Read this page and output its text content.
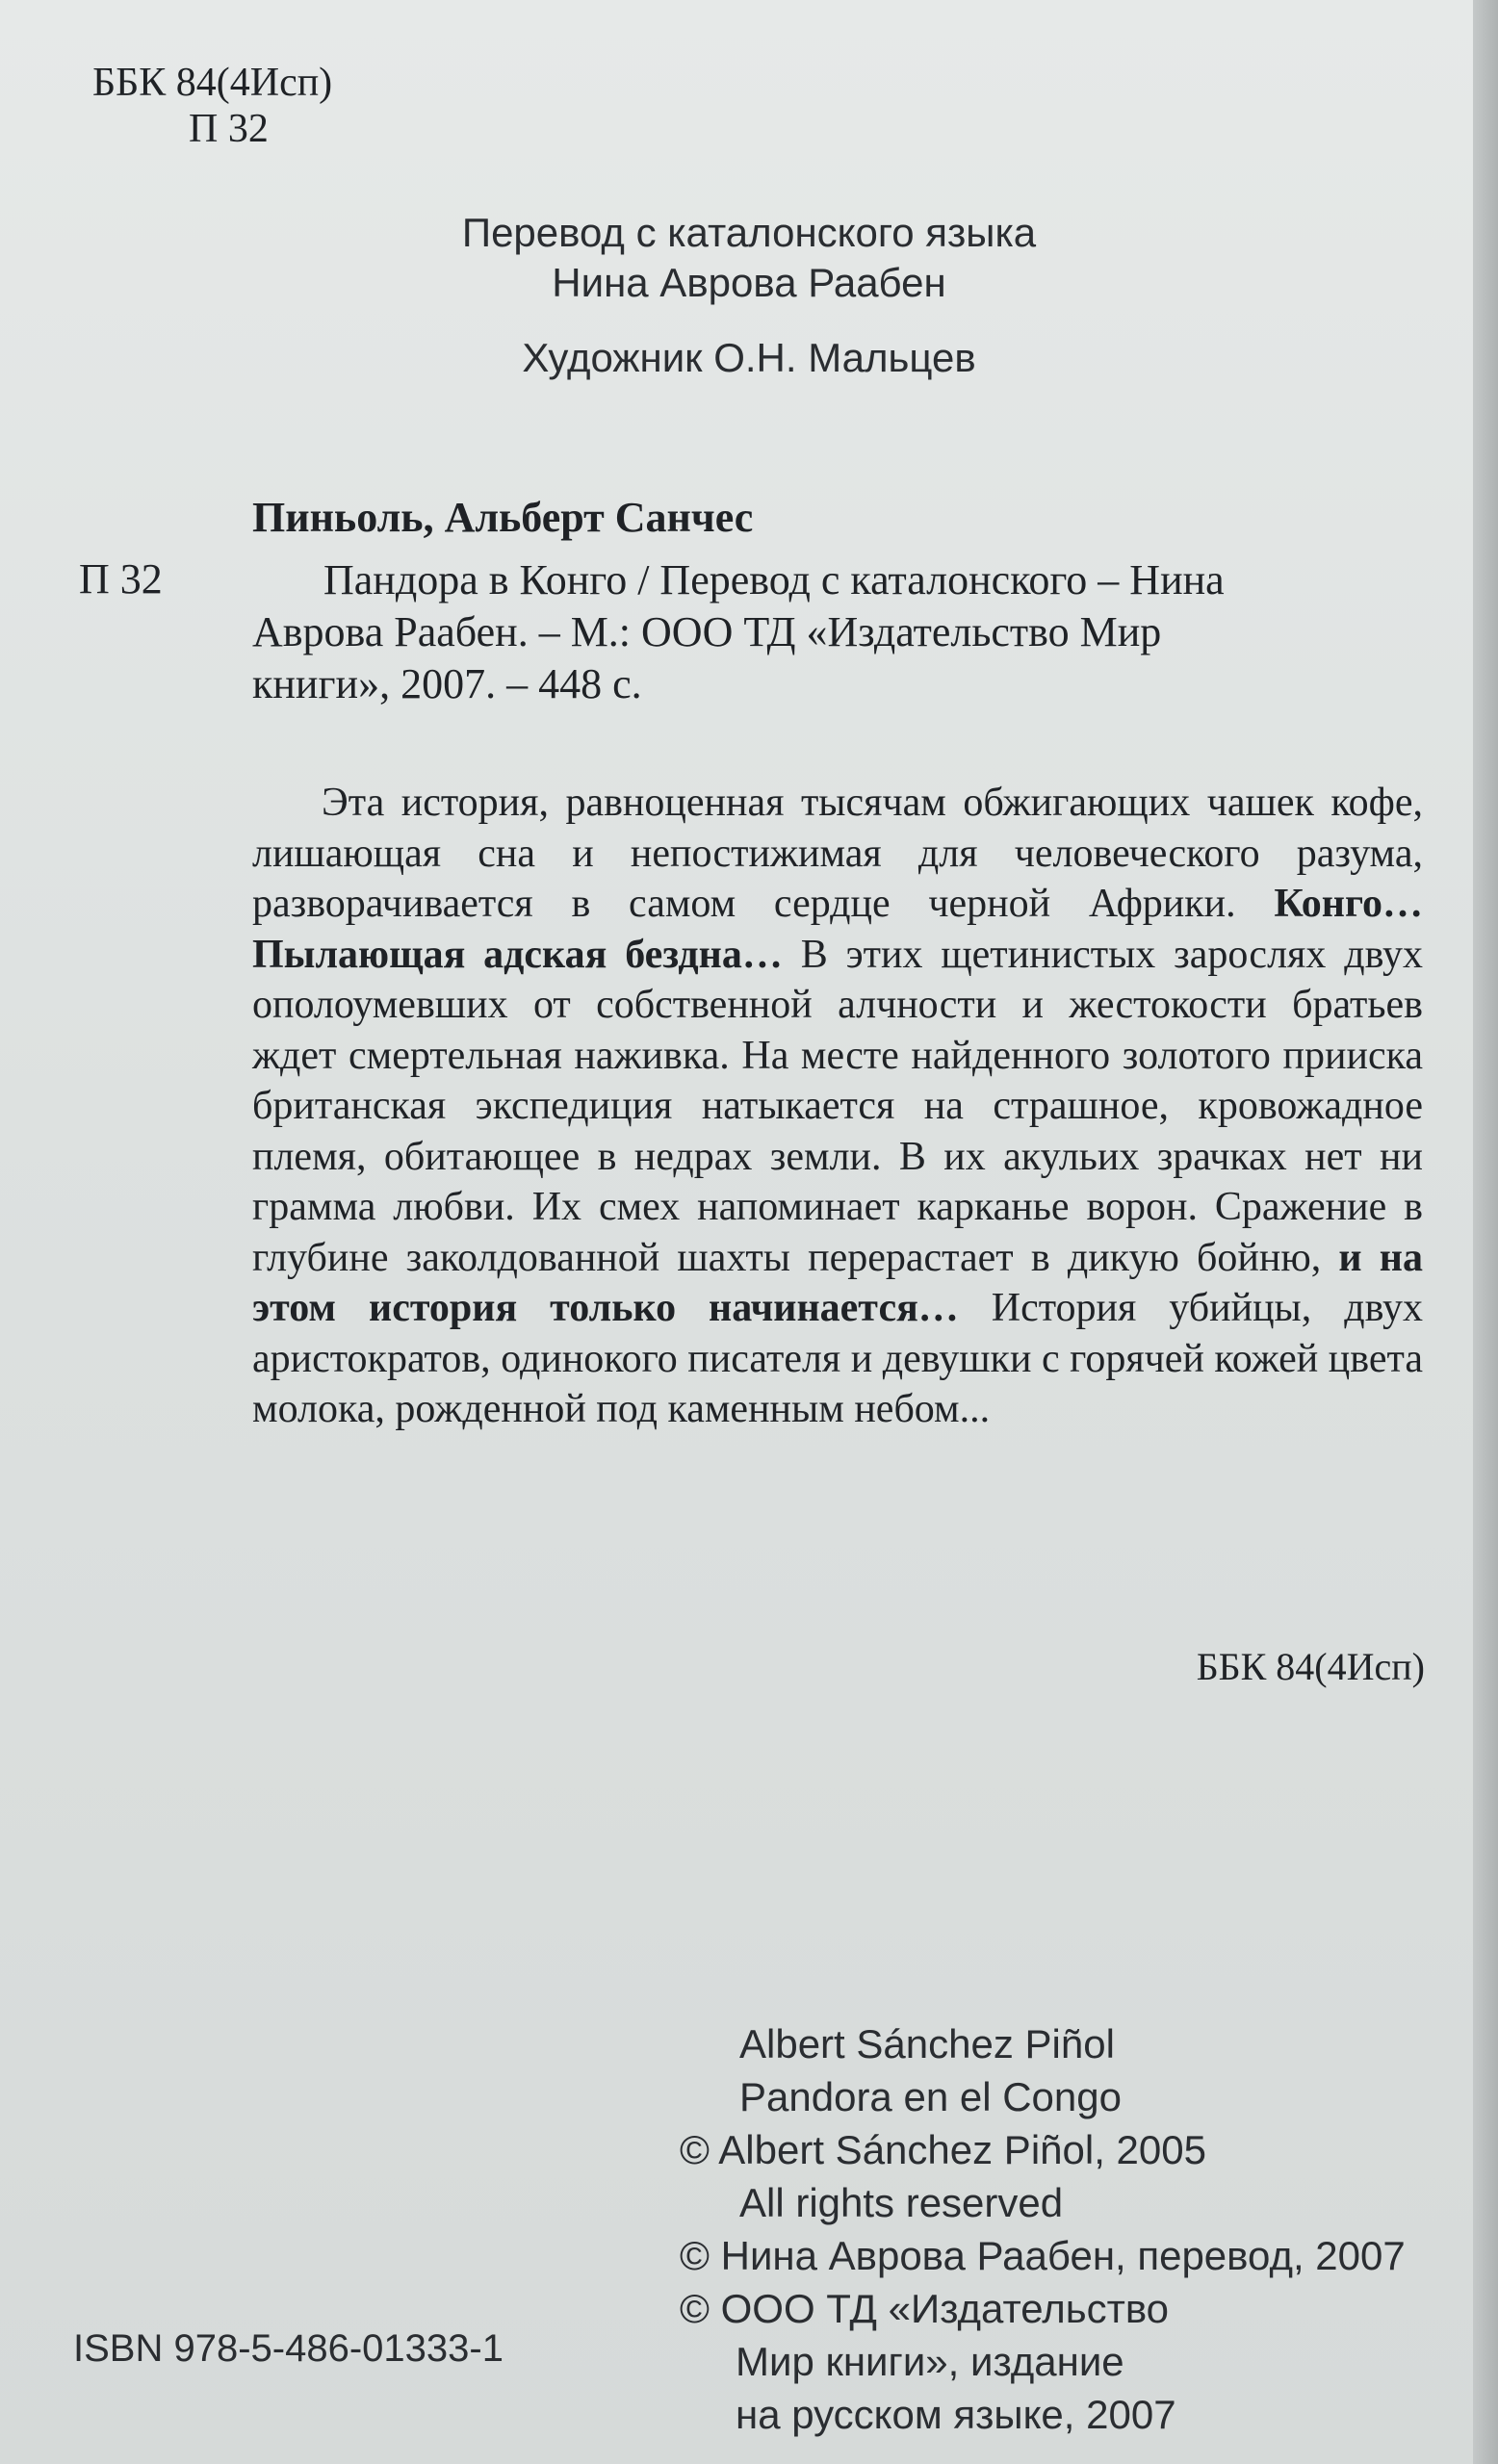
ББК 84(4Исп)
П 32
Перевод с каталонского языка
Нина Аврова Раабен
Художник О.Н. Мальцев
Пиньоль, Альберт Санчес
П 32	Пандора в Конго / Перевод с каталонского – Нина
Аврова Раабен. – М.: ООО ТД «Издательство Мир
книги», 2007. – 448 с.
Эта история, равноценная тысячам обжигающих чашек кофе, лишающая сна и непостижимая для человеческого разума, разворачивается в самом сердце черной Африки. Конго… Пылающая адская бездна… В этих щетинистых зарослях двух ополоумевших от собственной алчности и жестокости братьев ждет смертельная наживка. На месте найденного золотого прииска британская экспедиция натыкается на страшное, кровожадное племя, обитающее в недрах земли. В их акульих зрачках нет ни грамма любви. Их смех напоминает карканье ворон. Сражение в глубине заколдованной шахты перерастает в дикую бойню, и на этом история только начинается… История убийцы, двух аристократов, одинокого писателя и девушки с горячей кожей цвета молока, рожденной под каменным небом...
ББК 84(4Исп)
Albert Sánchez Piñol
Pandora en el Congo
© Albert Sánchez Piñol, 2005
All rights reserved
© Нина Аврова Раабен, перевод, 2007
© ООО ТД «Издательство
Мир книги», издание
на русском языке, 2007
ISBN 978-5-486-01333-1
